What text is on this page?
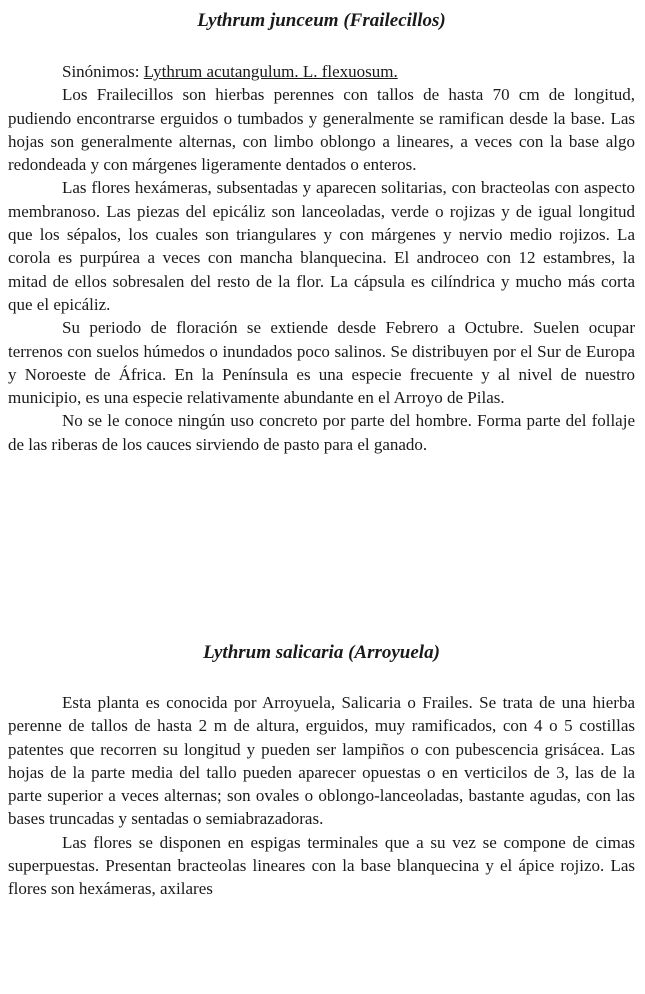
Lythrum junceum (Frailecillos)

Sinónimos: Lythrum acutangulum. L. flexuosum.

Los Frailecillos son hierbas perennes con tallos de hasta 70 cm de longitud, pudiendo encontrarse erguidos o tumbados y generalmente se ramifican desde la base. Las hojas son generalmente alternas, con limbo oblongo a lineares, a veces con la base algo redondeada y con márgenes ligeramente dentados o enteros.

Las flores hexámeras, subsentadas y aparecen solitarias, con bracteolas con aspecto membranoso. Las piezas del epicáliz son lanceoladas, verde o rojizas y de igual longitud que los sépalos, los cuales son triangulares y con márgenes y nervio medio rojizos. La corola es purpúrea a veces con mancha blanquecina. El androceo con 12 estambres, la mitad de ellos sobresalen del resto de la flor. La cápsula es cilíndrica y mucho más corta que el epicáliz.

Su periodo de floración se extiende desde Febrero a Octubre. Suelen ocupar terrenos con suelos húmedos o inundados poco salinos. Se distribuyen por el Sur de Europa y Noroeste de África. En la Península es una especie frecuente y al nivel de nuestro municipio, es una especie relativamente abundante en el Arroyo de Pilas.

No se le conoce ningún uso concreto por parte del hombre. Forma parte del follaje de las riberas de los cauces sirviendo de pasto para el ganado.

Lythrum salicaria (Arroyuela)

Esta planta es conocida por Arroyuela, Salicaria o Frailes. Se trata de una hierba perenne de tallos de hasta 2 m de altura, erguidos, muy ramificados, con 4 o 5 costillas patentes que recorren su longitud y pueden ser lampiños o con pubescencia grisácea. Las hojas de la parte media del tallo pueden aparecer opuestas o en verticilos de 3, las de la parte superior a veces alternas; son ovales o oblongo-lanceoladas, bastante agudas, con las bases truncadas y sentadas o semiabrazadoras.

Las flores se disponen en espigas terminales que a su vez se compone de cimas superpuestas. Presentan bracteolas lineares con la base blanquecina y el ápice rojizo. Las flores son hexámeras, axilares
